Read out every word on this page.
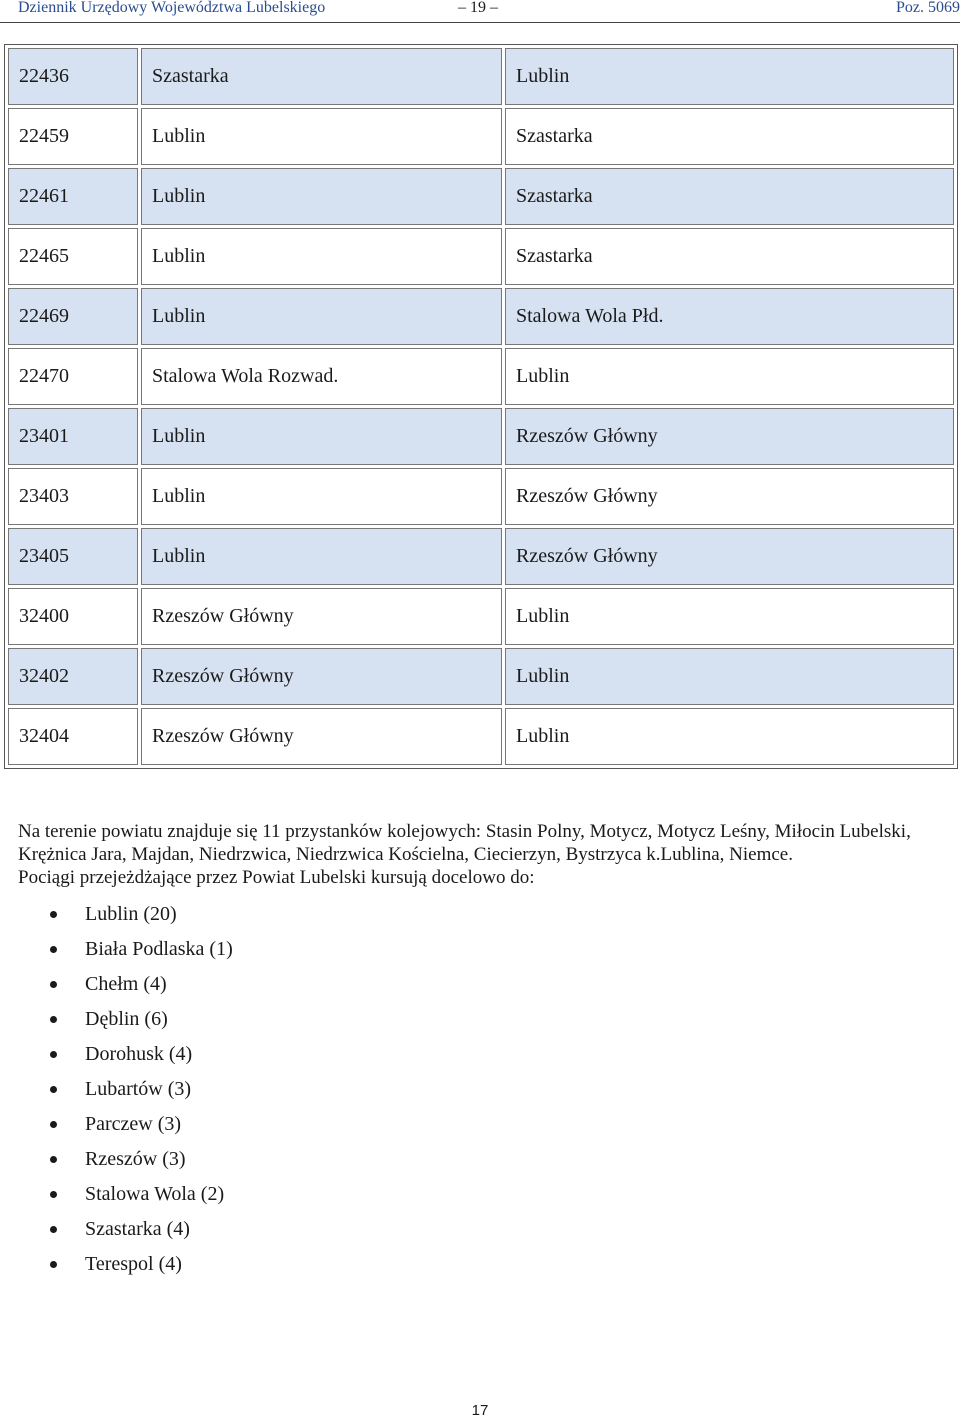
Dziennik Urzędowy Województwa Lubelskiego	– 19 –	Poz. 5069
22436	Szastarka	Lublin
22459	Lublin	Szastarka
22461	Lublin	Szastarka
22465	Lublin	Szastarka
22469	Lublin	Stalowa Wola Płd.
22470	Stalowa Wola Rozwad.	Lublin
23401	Lublin	Rzeszów Główny
23403	Lublin	Rzeszów Główny
23405	Lublin	Rzeszów Główny
32400	Rzeszów Główny	Lublin
32402	Rzeszów Główny	Lublin
32404	Rzeszów Główny	Lublin

Na terenie powiatu znajduje się 11 przystanków kolejowych: Stasin Polny, Motycz, Motycz Leśny, Miłocin Lubelski, Krężnica Jara, Majdan, Niedrzwica, Niedrzwica Kościelna, Ciecierzyn, Bystrzyca k.Lublina, Niemce.

Pociągi przejeżdżające przez Powiat Lubelski kursują docelowo do:

Lublin (20)
Biała Podlaska (1)
Chełm (4)
Dęblin (6)
Dorohusk (4)
Lubartów (3)
Parczew (3)
Rzeszów (3)
Stalowa Wola (2)
Szastarka (4)
Terespol (4)
17
